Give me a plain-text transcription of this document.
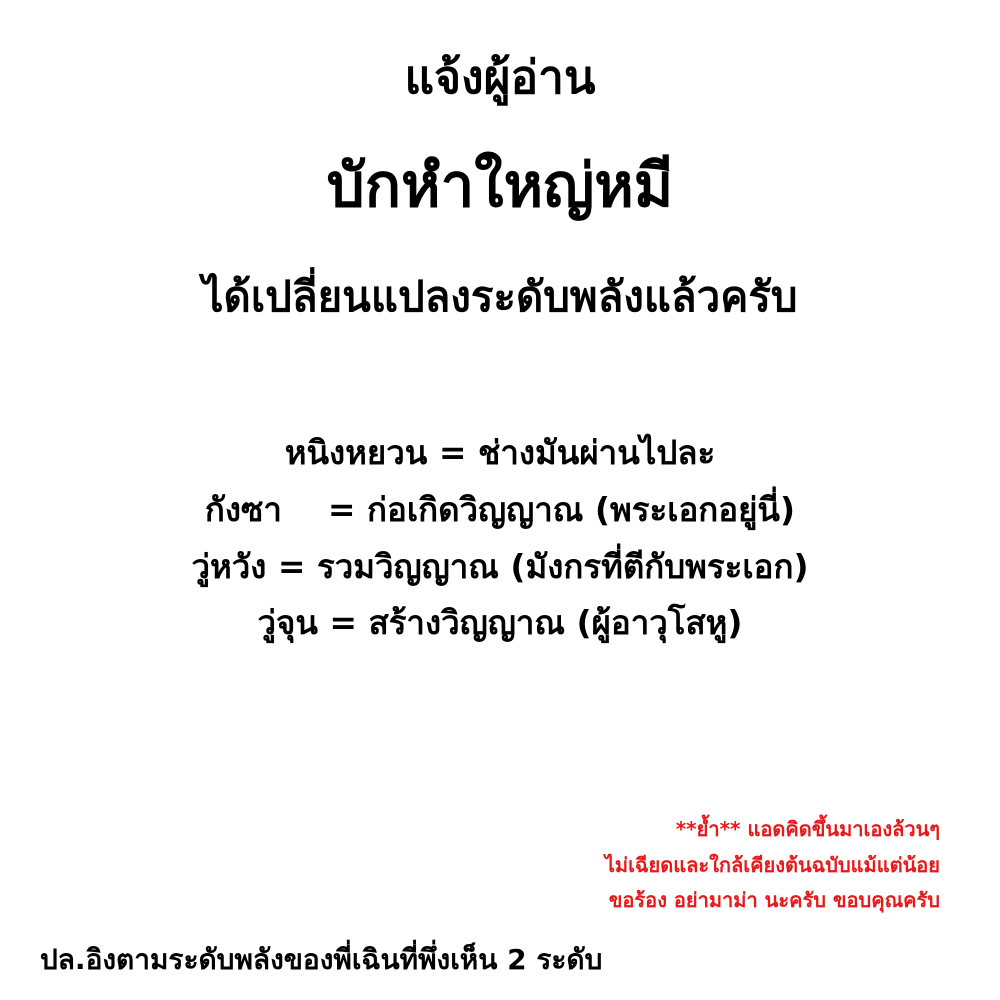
แจ้งผู้อ่าน
บักหำใหญ่หมี
ได้เปลี่ยนแปลงระดับพลังแล้วครับ
หนิงหยวน = ช่างมันผ่านไปละ
กังซา    = ก่อเกิดวิญญาณ (พระเอกอยู่นี่)
วู่หวัง = รวมวิญญาณ (มังกรที่ตีกับพระเอก)
วู่จุน = สร้างวิญญาณ (ผู้อาวุโสหู)
**ย้ำ** แอดคิดขึ้นมาเองล้วนๆ
ไม่เฉียดและใกล้เคียงต้นฉบับแม้แต่น้อย
ขอร้อง อย่ามาม่า นะครับ ขอบคุณครับ
ปล.อิงตามระดับพลังของพี่เฉินที่พึ่งเห็น 2 ระดับ
